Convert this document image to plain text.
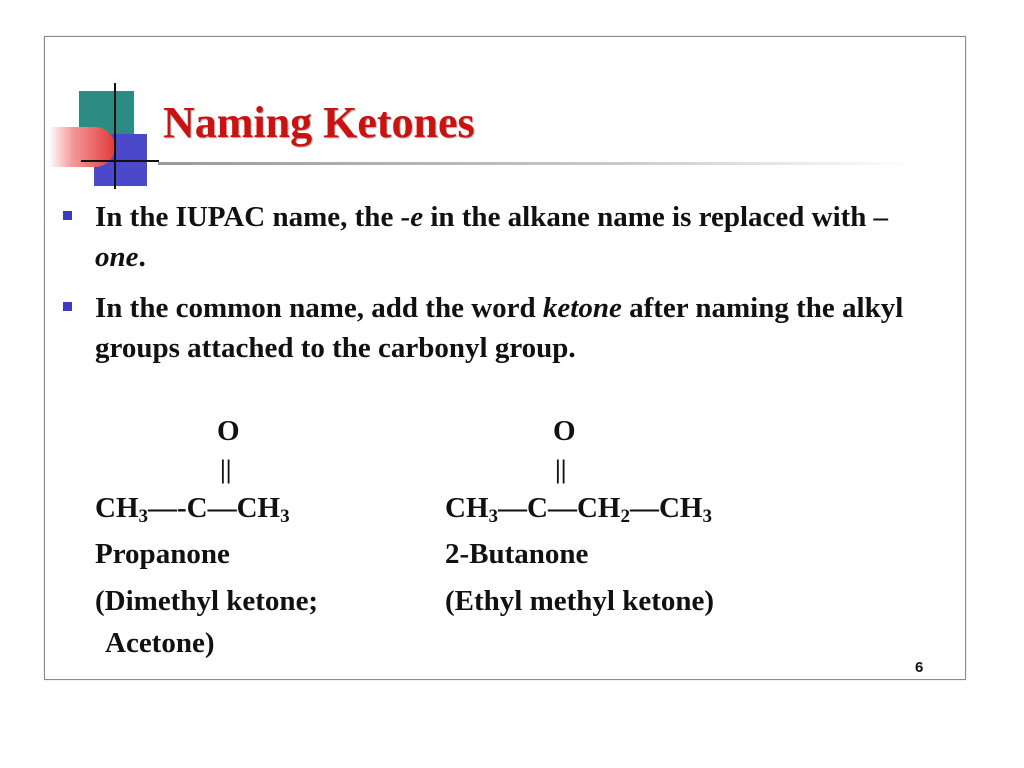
Naming Ketones
In the IUPAC name, the -e in the alkane name is replaced with –one.
In the common name, add the word ketone after naming the alkyl groups attached to the carbonyl group.
O
||
$CH_3—-C—CH_3$
Propanone
(Dimethyl ketone;
Acetone)
O
||
$CH_3—C—CH_2—CH_3$
2-Butanone
(Ethyl methyl ketone)
6
